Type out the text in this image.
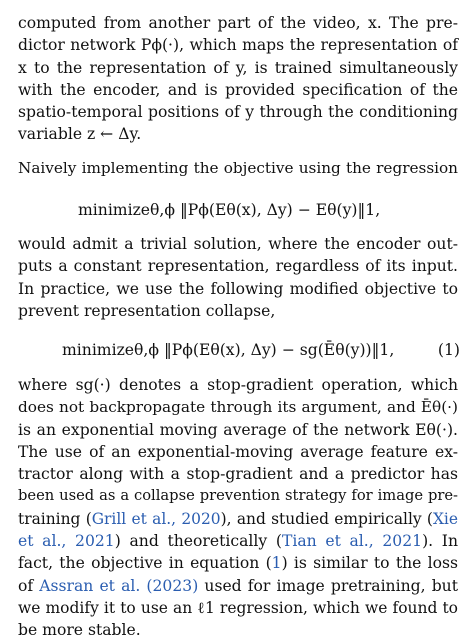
computed from another part of the video, x. The pre-
dictor network Pϕ(·), which maps the representation of
x to the representation of y, is trained simultaneously
with the encoder, and is provided specification of the
spatio-temporal positions of y through the conditioning
variable z ← Δy.
Naively implementing the objective using the regression
minimizeθ,ϕ ‖Pϕ(Eθ(x), Δy) − Eθ(y)‖1,
would admit a trivial solution, where the encoder out-
puts a constant representation, regardless of its input.
In practice, we use the following modified objective to
prevent representation collapse,
minimizeθ,ϕ ‖Pϕ(Eθ(x), Δy) − sg(Ēθ(y))‖1,	(1)
where sg(·) denotes a stop-gradient operation, which
does not backpropagate through its argument, and Ēθ(·)
is an exponential moving average of the network Eθ(·).
The use of an exponential-moving average feature ex-
tractor along with a stop-gradient and a predictor has
been used as a collapse prevention strategy for image pre-
training (Grill et al., 2020), and studied empirically (Xie
et al., 2021) and theoretically (Tian et al., 2021). In
fact, the objective in equation (1) is similar to the loss
of Assran et al. (2023) used for image pretraining, but
we modify it to use an ℓ1 regression, which we found to
be more stable.
